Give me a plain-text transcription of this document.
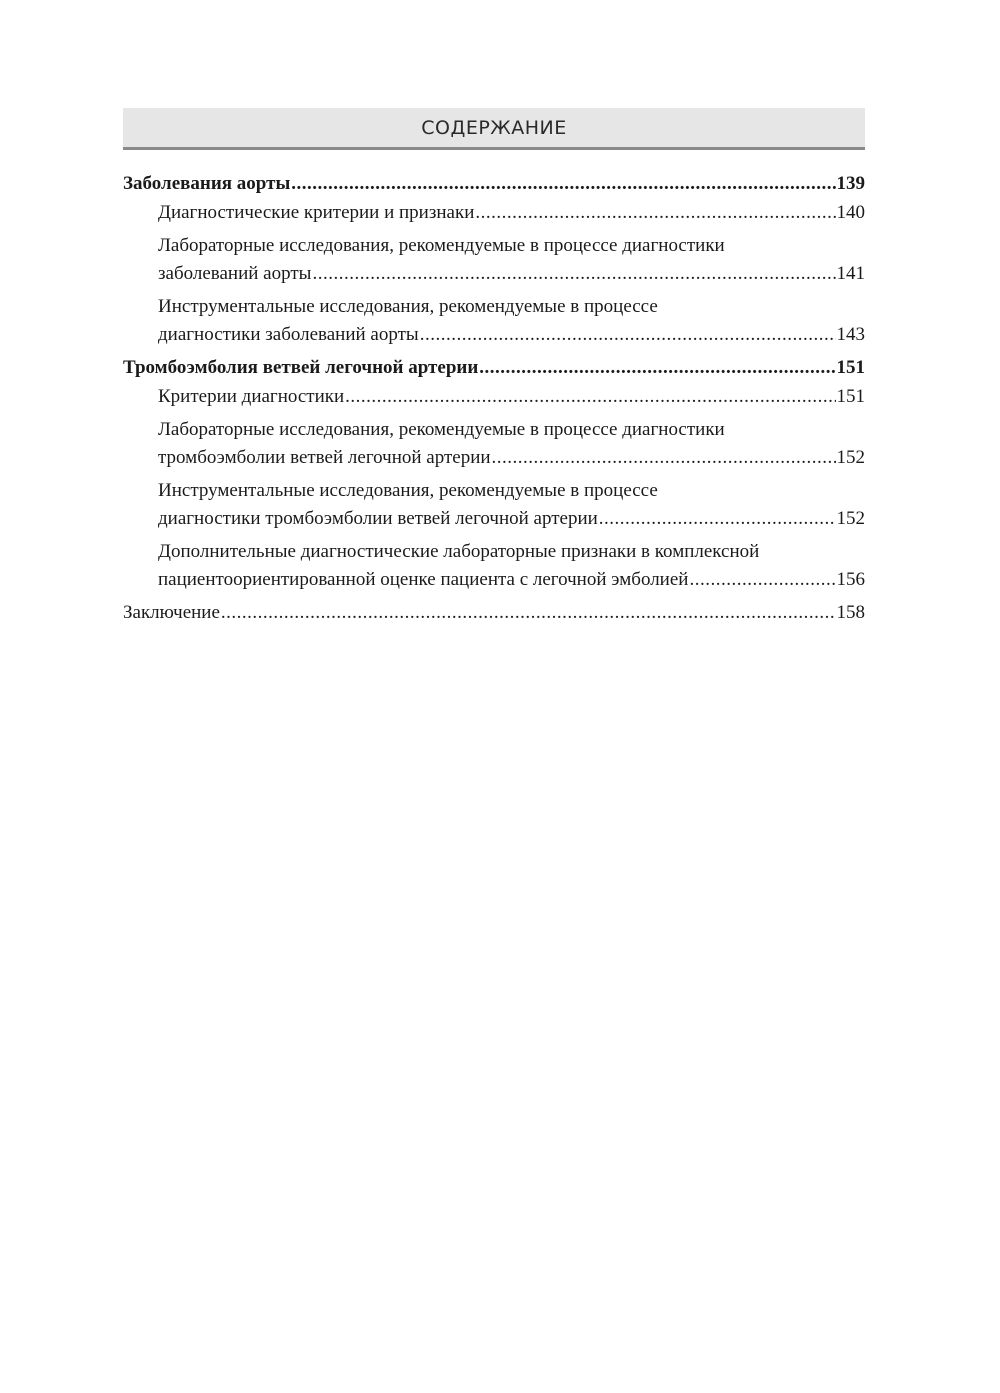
СОДЕРЖАНИЕ
Заболевания аорты .....	139
Диагностические критерии и признаки .....	140
Лабораторные исследования, рекомендуемые в процессе диагностики
заболеваний аорты .....	141
Инструментальные исследования, рекомендуемые в процессе
диагностики заболеваний аорты .....	143
Тромбоэмболия ветвей легочной артерии .....	151
Критерии диагностики .....	151
Лабораторные исследования, рекомендуемые в процессе диагностики
тромбоэмболии ветвей легочной артерии .....	152
Инструментальные исследования, рекомендуемые в процессе
диагностики тромбоэмболии ветвей легочной артерии .....	152
Дополнительные диагностические лабораторные признаки в комплексной
пациентоориентированной оценке пациента с легочной эмболией .....	156
Заключение .....	158
